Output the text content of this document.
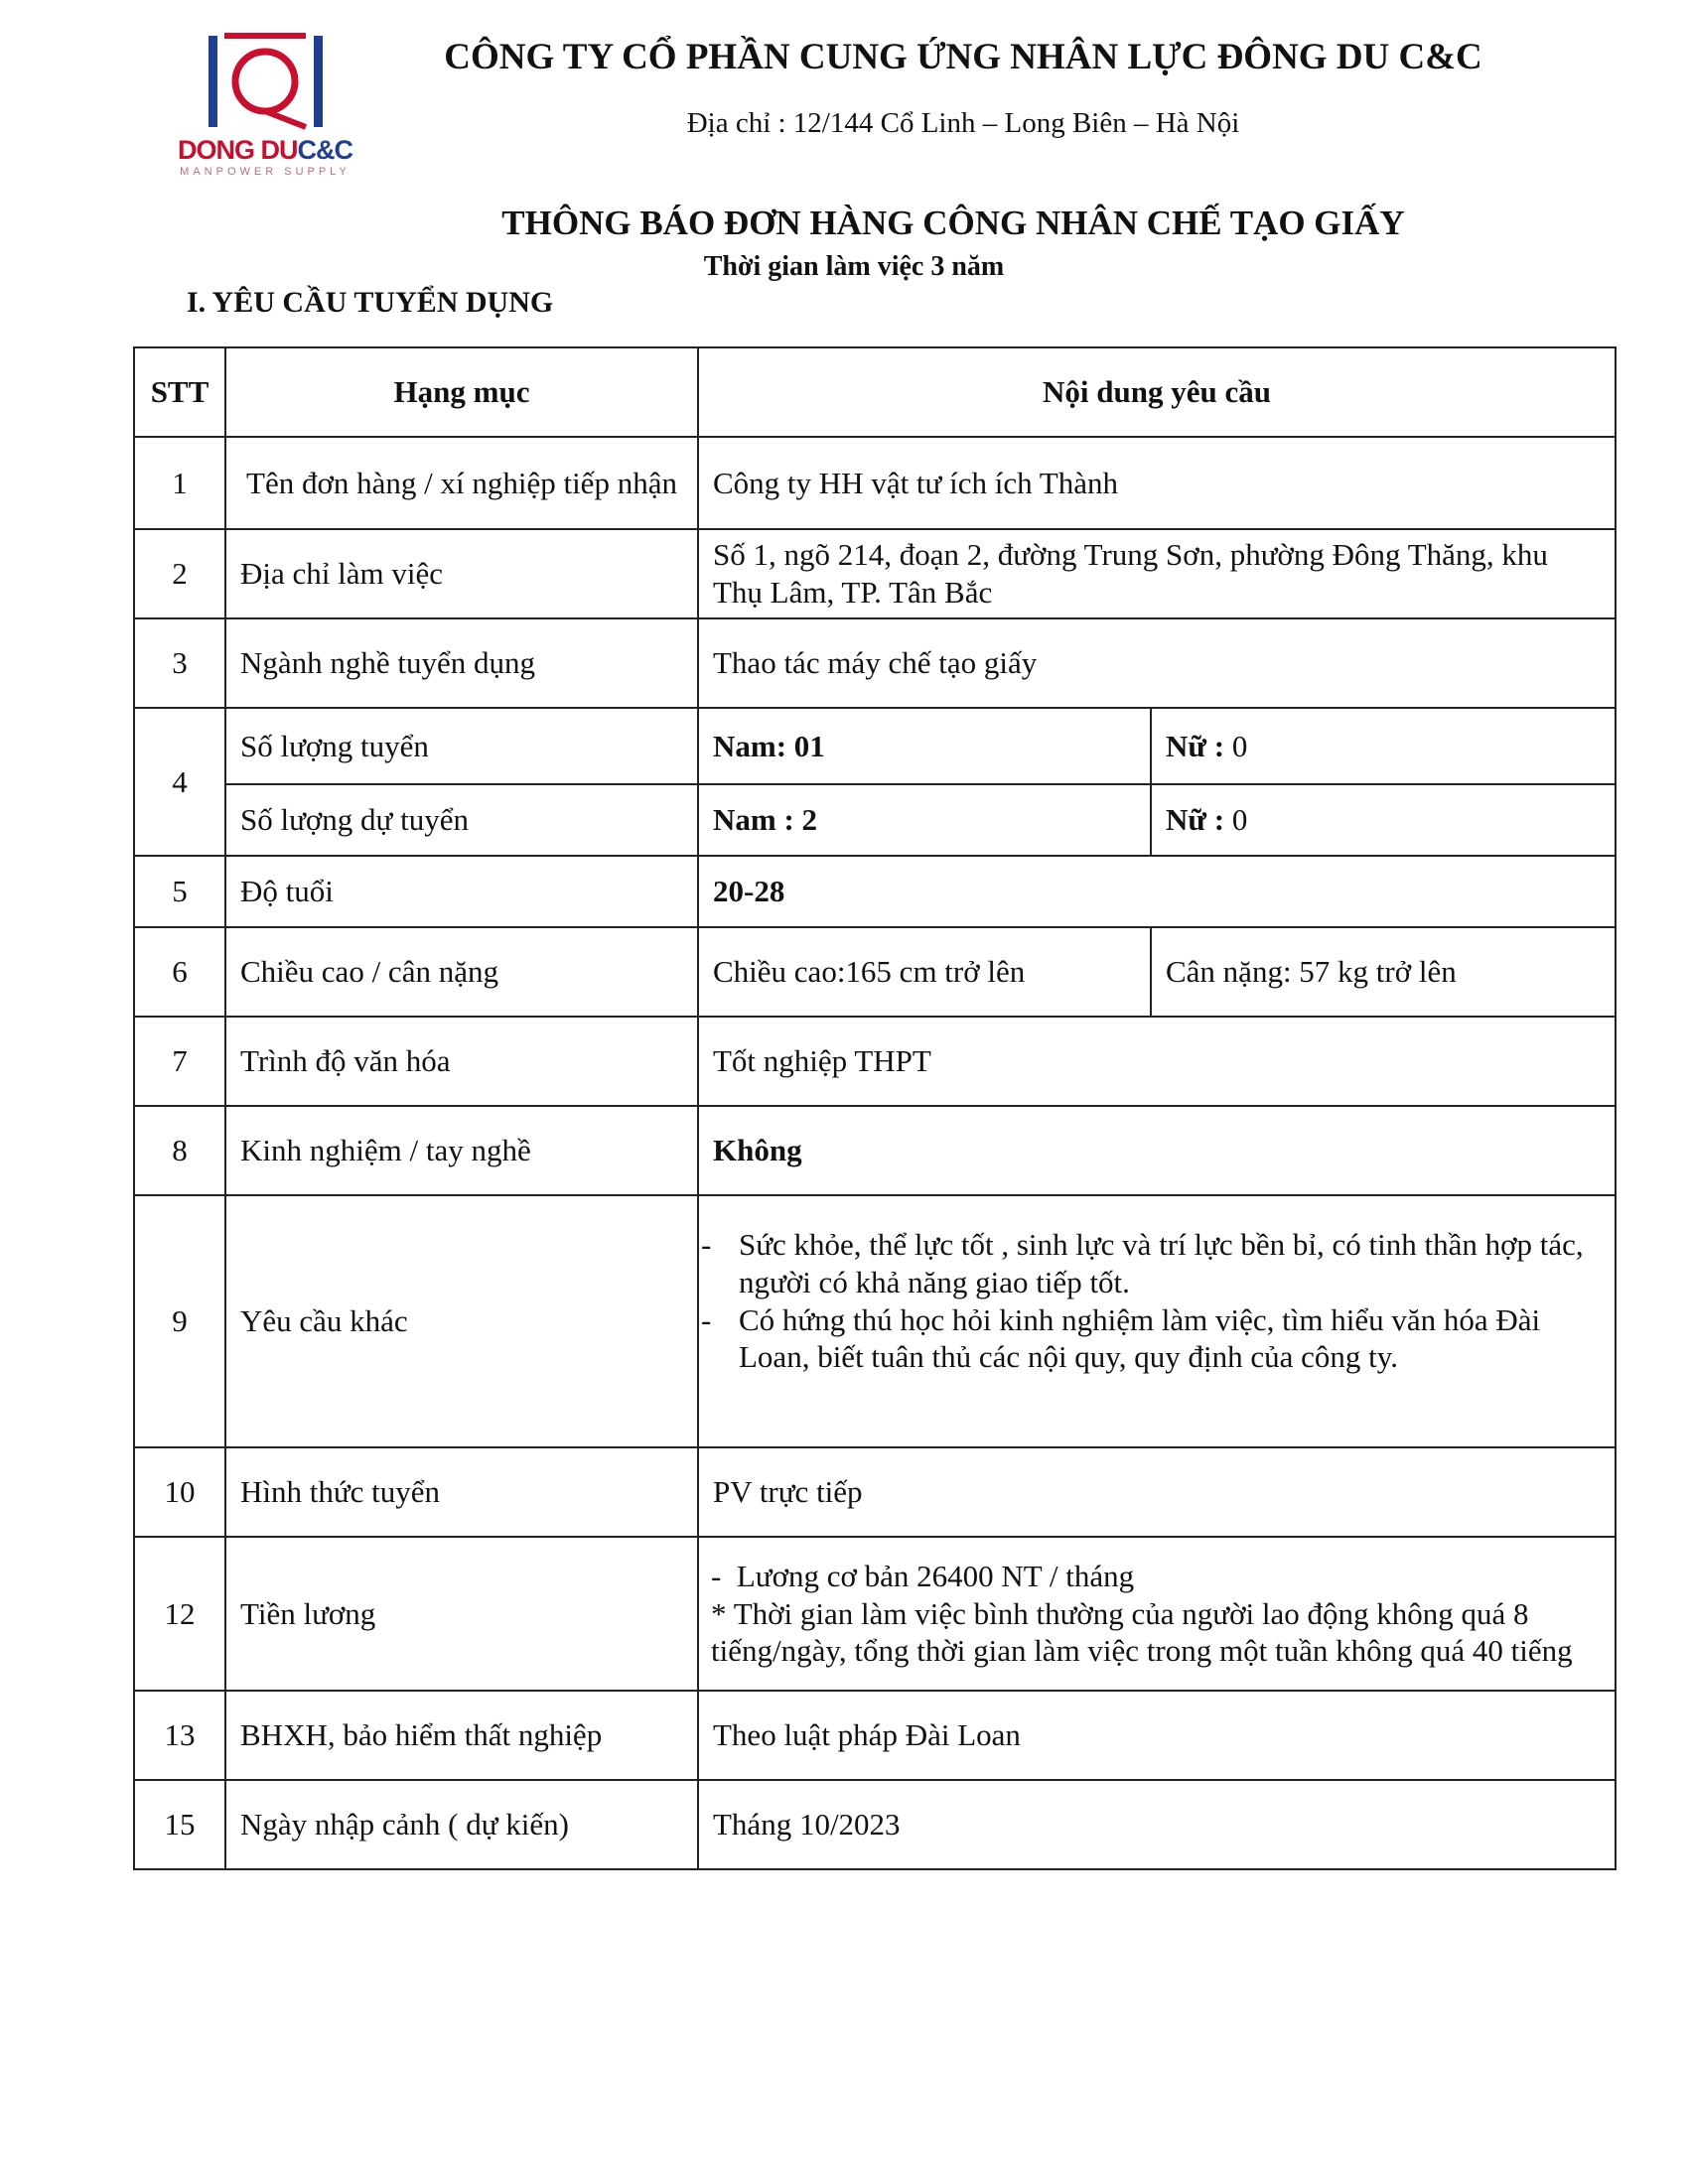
DONG DUC&C
MANPOWER SUPPLY
CÔNG TY CỔ PHẦN CUNG ỨNG NHÂN LỰC ĐÔNG DU C&C
Địa chỉ : 12/144 Cổ Linh – Long Biên – Hà Nội
THÔNG BÁO ĐƠN HÀNG CÔNG NHÂN CHẾ TẠO GIẤY
Thời gian làm việc 3 năm
I. YÊU CẦU TUYỂN DỤNG
STT	Hạng mục	Nội dung yêu cầu	
1	Tên đơn hàng / xí nghiệp tiếp nhận	Công ty HH vật tư ích ích Thành	
2	Địa chỉ làm việc	Số 1, ngõ 214, đoạn 2, đường Trung Sơn, phường Đông Thăng, khu Thụ Lâm, TP. Tân Bắc	
3	Ngành nghề tuyển dụng	Thao tác máy chế tạo giấy	
4	Số lượng tuyển	Nam: 01	Nữ : 0
	Số lượng dự tuyển	Nam : 2	Nữ : 0
5	Độ tuổi	20-28	
6	Chiều cao / cân nặng	Chiều cao:165 cm trở lên	Cân nặng: 57 kg trở lên
7	Trình độ văn hóa	Tốt nghiệp THPT	
8	Kinh nghiệm / tay nghề	Không	
9	Yêu cầu khác	- Sức khỏe, thể lực tốt , sinh lực và trí lực bền bỉ, có tinh thần hợp tác, người có khả năng giao tiếp tốt.
- Có hứng thú học hỏi kinh nghiệm làm việc, tìm hiểu văn hóa Đài Loan, biết tuân thủ các nội quy, quy định của công ty.	

10	Hình thức tuyển	PV trực tiếp	
12	Tiền lương	-  Lương cơ bản 26400 NT / tháng
* Thời gian làm việc bình thường của người lao động không quá 8 tiếng/ngày, tổng thời gian làm việc trong một tuần không quá 40 tiếng	

13	BHXH, bảo hiểm thất nghiệp	Theo luật pháp Đài Loan	
15	Ngày nhập cảnh ( dự kiến)	Tháng 10/2023	
